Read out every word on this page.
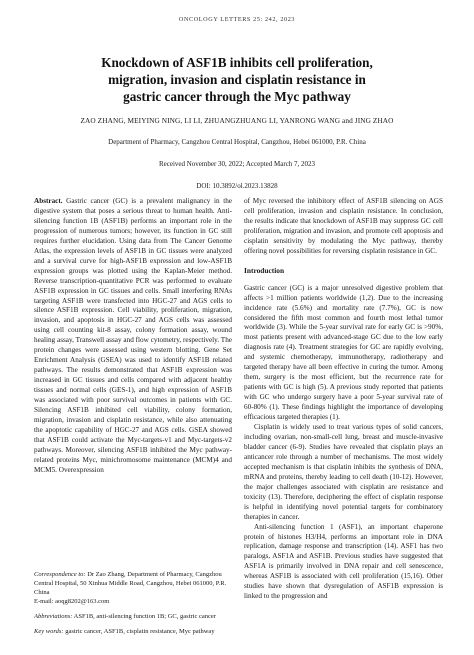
ONCOLOGY LETTERS 25: 242, 2023
Knockdown of ASF1B inhibits cell proliferation,
migration, invasion and cisplatin resistance in
gastric cancer through the Myc pathway
ZAO ZHANG, MEIYING NING, LI LI, ZHUANGZHUANG LI, YANRONG WANG and JING ZHAO
Department of Pharmacy, Cangzhou Central Hospital, Cangzhou, Hebei 061000, P.R. China
Received November 30, 2022; Accepted March 7, 2023
DOI: 10.3892/ol.2023.13828

Abstract. Gastric cancer (GC) is a prevalent malignancy in the digestive system that poses a serious threat to human health. Anti-silencing function 1B (ASF1B) performs an important role in the progression of numerous tumors; however, its function in GC still requires further elucidation. Using data from The Cancer Genome Atlas, the expression levels of ASF1B in GC tissues were analyzed and a survival curve for high-ASF1B expression and low-ASF1B expression groups was plotted using the Kaplan-Meier method. Reverse transcription-quantitative PCR was performed to evaluate ASF1B expression in GC tissues and cells. Small interfering RNAs targeting ASF1B were transfected into HGC-27 and AGS cells to silence ASF1B expression. Cell viability, proliferation, migration, invasion, and apoptosis in HGC-27 and AGS cells was assessed using cell counting kit-8 assay, colony formation assay, wound healing assay, Transwell assay and flow cytometry, respectively. The protein changes were assessed using western blotting. Gene Set Enrichment Analysis (GSEA) was used to identify ASF1B related pathways. The results demonstrated that ASF1B expression was increased in GC tissues and cells compared with adjacent healthy tissues and normal cells (GES-1), and high expression of ASF1B was associated with poor survival outcomes in patients with GC. Silencing ASF1B inhibited cell viability, colony formation, migration, invasion and cisplatin resistance, while also attenuating the apoptotic capability of HGC-27 and AGS cells. GSEA showed that ASF1B could activate the Myc-targets-v1 and Myc-targets-v2 pathways. Moreover, silencing ASF1B inhibited the Myc pathway-related proteins Myc, minichromosome maintenance (MCM)4 and MCM5. Overexpression

of Myc reversed the inhibitory effect of ASF1B silencing on AGS cell proliferation, invasion and cisplatin resistance. In conclusion, the results indicate that knockdown of ASF1B may suppress GC cell proliferation, migration and invasion, and promote cell apoptosis and cisplatin sensitivity by modulating the Myc pathway, thereby offering novel possibilities for reversing cisplatin resistance in GC.

Introduction

Gastric cancer (GC) is a major unresolved digestive problem that affects >1 million patients worldwide (1,2). Due to the increasing incidence rate (5.6%) and mortality rate (7.7%), GC is now considered the fifth most common and fourth most lethal tumor worldwide (3). While the 5-year survival rate for early GC is >90%, most patients present with advanced-stage GC due to the low early diagnosis rate (4). Treatment strategies for GC are rapidly evolving, and systemic chemotherapy, immunotherapy, radiotherapy and targeted therapy have all been effective in curing the tumor. Among them, surgery is the most efficient, but the recurrence rate for patients with GC is high (5). A previous study reported that patients with GC who undergo surgery have a poor 5-year survival rate of 60-80% (1). These findings highlight the importance of developing efficacious targeted therapies (1).

Cisplatin is widely used to treat various types of solid cancers, including ovarian, non-small-cell lung, breast and muscle-invasive bladder cancer (6-9). Studies have revealed that cisplatin plays an anticancer role through a number of mechanisms. The most widely accepted mechanism is that cisplatin inhibits the synthesis of DNA, mRNA and proteins, thereby leading to cell death (10-12). However, the major challenges associated with cisplatin are resistance and toxicity (13). Therefore, deciphering the effect of cisplatin response is helpful in identifying novel potential targets for combinatory therapies in cancer.

Anti-silencing function 1 (ASF1), an important chaperone protein of histones H3/H4, performs an important role in DNA replication, damage response and transcription (14). ASF1 has two paralogs, ASF1A and ASF1B. Previous studies have suggested that ASF1A is primarily involved in DNA repair and cell senescence, whereas ASF1B is associated with cell proliferation (15,16). Other studies have shown that dysregulation of ASF1B expression is linked to the progression and

Correspondence to: Dr Zao Zhang, Department of Pharmacy, Cangzhou Central Hospital, 50 Xinhua Middle Road, Cangzhou, Hebei 061000, P.R. China
E-mail: aoqg8202@163.com

Abbreviations: ASF1B, anti-silencing function 1B; GC, gastric cancer

Key words: gastric cancer, ASF1B, cisplatin resistance, Myc pathway
